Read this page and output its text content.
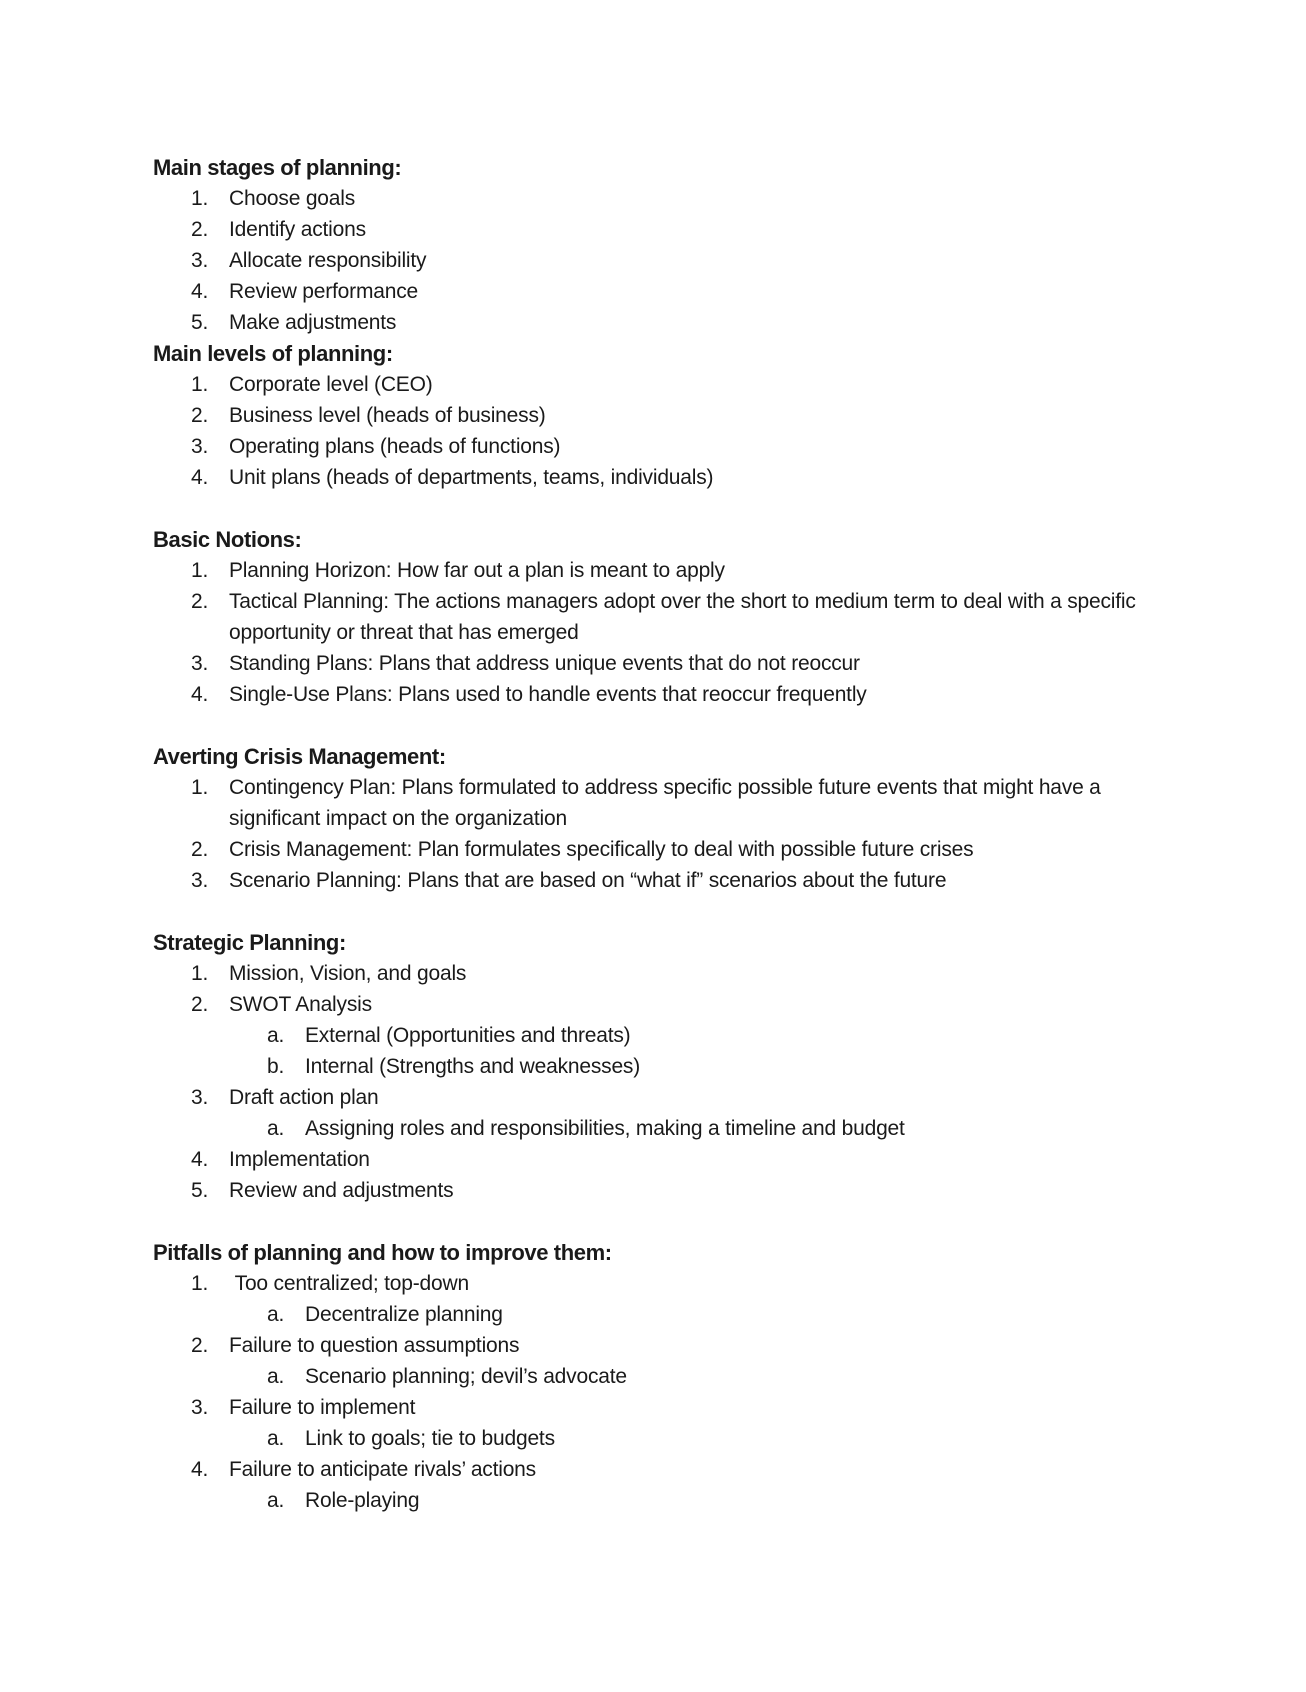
Main stages of planning:
1. Choose goals
2. Identify actions
3. Allocate responsibility
4. Review performance
5. Make adjustments
Main levels of planning:
1. Corporate level (CEO)
2. Business level (heads of business)
3. Operating plans (heads of functions)
4. Unit plans (heads of departments, teams, individuals)
Basic Notions:
1. Planning Horizon: How far out a plan is meant to apply
2. Tactical Planning: The actions managers adopt over the short to medium term to deal with a specific opportunity or threat that has emerged
3. Standing Plans: Plans that address unique events that do not reoccur
4. Single-Use Plans: Plans used to handle events that reoccur frequently
Averting Crisis Management:
1. Contingency Plan: Plans formulated to address specific possible future events that might have a significant impact on the organization
2. Crisis Management: Plan formulates specifically to deal with possible future crises
3. Scenario Planning: Plans that are based on “what if” scenarios about the future
Strategic Planning:
1. Mission, Vision, and goals
2. SWOT Analysis
a. External (Opportunities and threats)
b. Internal (Strengths and weaknesses)
3. Draft action plan
a. Assigning roles and responsibilities, making a timeline and budget
4. Implementation
5. Review and adjustments
Pitfalls of planning and how to improve them:
1. Too centralized; top-down
a. Decentralize planning
2. Failure to question assumptions
a. Scenario planning; devil’s advocate
3. Failure to implement
a. Link to goals; tie to budgets
4. Failure to anticipate rivals’ actions
a. Role-playing
